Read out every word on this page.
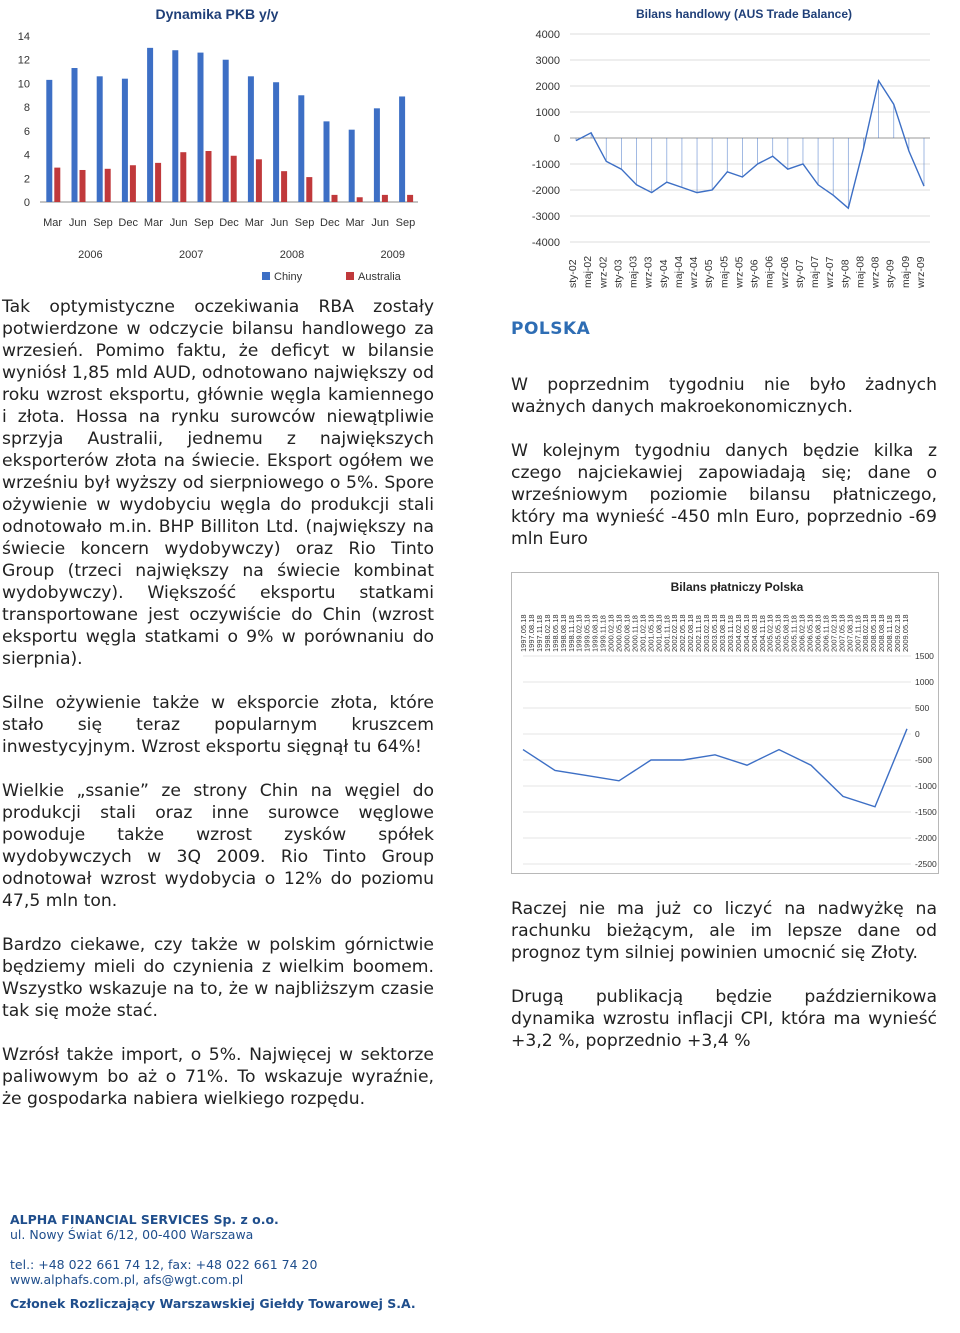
Dynamika PKB y/y
14
12
10
8
6
4
2
0
Mar Jun Sep Dec Mar Jun Sep Dec Mar Jun Sep Dec Mar Jun Sep
2006	2007	2008	2009
Chiny	Australia
Bilans handlowy (AUS Trade Balance)
4000
3000
2000
1000
0
-1000
-2000
-3000
-4000
sty-02 maj-02 wrz-02 sty-03 maj-03 wrz-03 sty-04 maj-04 wrz-04 sty-05 maj-05 wrz-05 sty-06 maj-06 wrz-06 sty-07 maj-07 wrz-07 sty-08 maj-08 wrz-08 sty-09 maj-09 wrz-09

Tak optymistyczne oczekiwania RBA zostały potwierdzone w odczycie bilansu handlowego za wrzesień. Pomimo faktu, że deficyt w bilansie wyniósł 1,85 mld AUD, odnotowano największy od roku wzrost eksportu, głównie węgla kamiennego i złota. Hossa na rynku surowców niewątpliwie sprzyja Australii, jednemu z największych eksporterów złota na świecie. Eksport ogółem we wrześniu był wyższy od sierpniowego o 5%. Spore ożywienie w wydobyciu węgla do produkcji stali odnotowało m.in. BHP Billiton Ltd. (największy na świecie koncern wydobywczy) oraz Rio Tinto Group (trzeci największy na świecie kombinat wydobywczy). Większość eksportu statkami transportowane jest oczywiście do Chin (wzrost eksportu węgla statkami o 9% w porównaniu do sierpnia).

Silne ożywienie także w eksporcie złota, które stało się teraz popularnym kruszcem inwestycyjnym. Wzrost eksportu sięgnął tu 64%!

Wielkie „ssanie” ze strony Chin na węgiel do produkcji stali oraz inne surowce węglowe powoduje także wzrost zysków spółek wydobywczych w 3Q 2009. Rio Tinto Group odnotował wzrost wydobycia o 12% do poziomu 47,5 mln ton.

Bardzo ciekawe, czy także w polskim górnictwie będziemy mieli do czynienia z wielkim boomem. Wszystko wskazuje na to, że w najbliższym czasie tak się może stać.

Wzrósł także import, o 5%. Najwięcej w sektorze paliwowym bo aż o 71%. To wskazuje wyraźnie, że gospodarka nabiera wielkiego rozpędu.

POLSKA

W poprzednim tygodniu nie było żadnych ważnych danych makroekonomicznych.

W kolejnym tygodniu danych będzie kilka z czego najciekawiej zapowiadają się; dane o wrześniowym poziomie bilansu płatniczego, który ma wynieść -450 mln Euro, poprzednio -69 mln Euro

Bilans płatniczy Polska
1997.05.18
1997.08.18
1997.11.18
1998.02.18
1998.05.18
1998.08.18
1998.11.18
1999.02.18
1999.05.18
1999.08.18
1999.11.18
2000.02.18
2000.05.18
2000.08.18
2000.11.18
2001.02.18
2001.05.18
2001.08.18
2001.11.18
2002.02.18
2002.05.18
2002.08.18
2002.11.18
2003.02.18
2003.05.18
2003.08.18
2003.11.18
2004.02.18
2004.05.18
2004.08.18
2004.11.18
2005.02.18
2005.05.18
2005.08.18
2005.11.18
2006.02.18
2006.05.18
2006.08.18
2006.11.18
2007.02.18
2007.05.18
2007.08.18
2007.11.18
2008.02.18
2008.05.18
2008.08.18
2008.11.18
2009.02.18
2009.05.18
1500
1000
500
0
-500
-1000
-1500
-2000
-2500

Raczej nie ma już co liczyć na nadwyżkę na rachunku bieżącym, ale im lepsze dane od prognoz tym silniej powinien umocnić się Złoty.

Drugą publikacją będzie październikowa dynamika wzrostu inflacji CPI, która ma wynieść +3,2 %, poprzednio +3,4 %

ALPHA FINANCIAL SERVICES Sp. z o.o.
ul. Nowy Świat 6/12, 00-400 Warszawa
tel.: +48 022 661 74 12, fax: +48 022 661 74 20
www.alphafs.com.pl, afs@wgt.com.pl
Członek Rozliczający Warszawskiej Giełdy Towarowej S.A.
